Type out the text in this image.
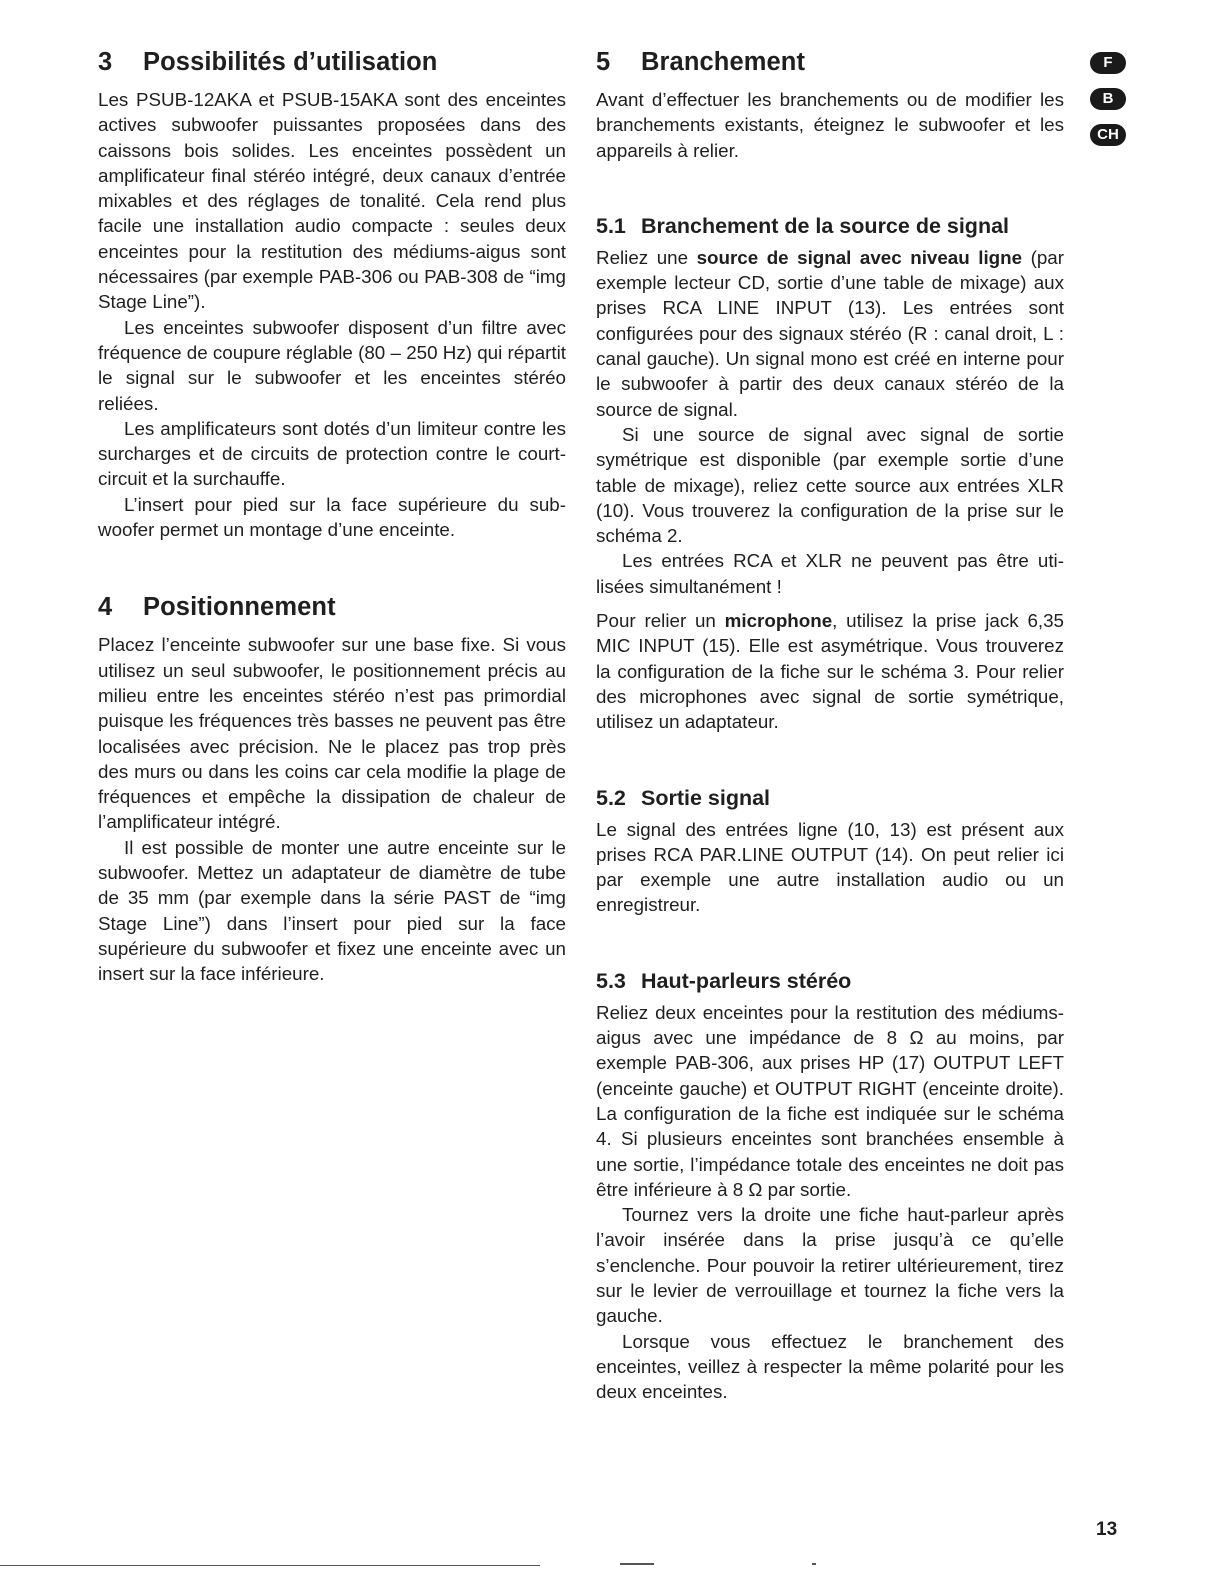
3 Possibilités d’utilisation

Les PSUB-12AKA et PSUB-15AKA sont des enceintes actives subwoofer puissantes proposées dans des caissons bois solides. Les enceintes possèdent un amplificateur final stéréo intégré, deux canaux d’entrée mixables et des réglages de tonalité. Cela rend plus facile une installation audio compacte : seules deux enceintes pour la restitution des médiums-aigus sont nécessaires (par exemple PAB-306 ou PAB-308 de “img Stage Line”).

Les enceintes subwoofer disposent d’un filtre avec fréquence de coupure réglable (80 – 250 Hz) qui répartit le signal sur le subwoofer et les enceintes stéréo reliées.

Les amplificateurs sont dotés d’un limiteur contre les surcharges et de circuits de protection contre le court-circuit et la surchauffe.

L’insert pour pied sur la face supérieure du subwoofer permet un montage d’une enceinte.

4 Positionnement

Placez l’enceinte subwoofer sur une base fixe. Si vous utilisez un seul subwoofer, le positionnement précis au milieu entre les enceintes stéréo n’est pas primordial puisque les fréquences très basses ne peuvent pas être localisées avec précision. Ne le placez pas trop près des murs ou dans les coins car cela modifie la plage de fréquences et empêche la dissipation de chaleur de l’amplificateur intégré.

Il est possible de monter une autre enceinte sur le subwoofer. Mettez un adaptateur de diamètre de tube de 35 mm (par exemple dans la série PAST de “img Stage Line”) dans l’insert pour pied sur la face supérieure du subwoofer et fixez une enceinte avec un insert sur la face inférieure.

5 Branchement

Avant d’effectuer les branchements ou de modifier les branchements existants, éteignez le subwoofer et les appareils à relier.

5.1 Branchement de la source de signal

Reliez une source de signal avec niveau ligne (par exemple lecteur CD, sortie d’une table de mixage) aux prises RCA LINE INPUT (13). Les entrées sont configurées pour des signaux stéréo (R : canal droit, L : canal gauche). Un signal mono est créé en interne pour le subwoofer à partir des deux canaux stéréo de la source de signal.

Si une source de signal avec signal de sortie symétrique est disponible (par exemple sortie d’une table de mixage), reliez cette source aux entrées XLR (10). Vous trouverez la configuration de la prise sur le schéma 2.

Les entrées RCA et XLR ne peuvent pas être utilisées simultanément !

Pour relier un microphone, utilisez la prise jack 6,35 MIC INPUT (15). Elle est asymétrique. Vous trouverez la configuration de la fiche sur le schéma 3. Pour relier des microphones avec signal de sortie symétrique, utilisez un adaptateur.

5.2 Sortie signal

Le signal des entrées ligne (10, 13) est présent aux prises RCA PAR.LINE OUTPUT (14). On peut relier ici par exemple une autre installation audio ou un enregistreur.

5.3 Haut-parleurs stéréo

Reliez deux enceintes pour la restitution des médiums-aigus avec une impédance de 8 Ω au moins, par exemple PAB-306, aux prises HP (17) OUTPUT LEFT (enceinte gauche) et OUTPUT RIGHT (enceinte droite). La configuration de la fiche est indiquée sur le schéma 4. Si plusieurs enceintes sont branchées ensemble à une sortie, l’impédance totale des enceintes ne doit pas être inférieure à 8 Ω par sortie.

Tournez vers la droite une fiche haut-parleur après l’avoir insérée dans la prise jusqu’à ce qu’elle s’enclenche. Pour pouvoir la retirer ultérieurement, tirez sur le levier de verrouillage et tournez la fiche vers la gauche.

Lorsque vous effectuez le branchement des enceintes, veillez à respecter la même polarité pour les deux enceintes.

F
B
CH
13
